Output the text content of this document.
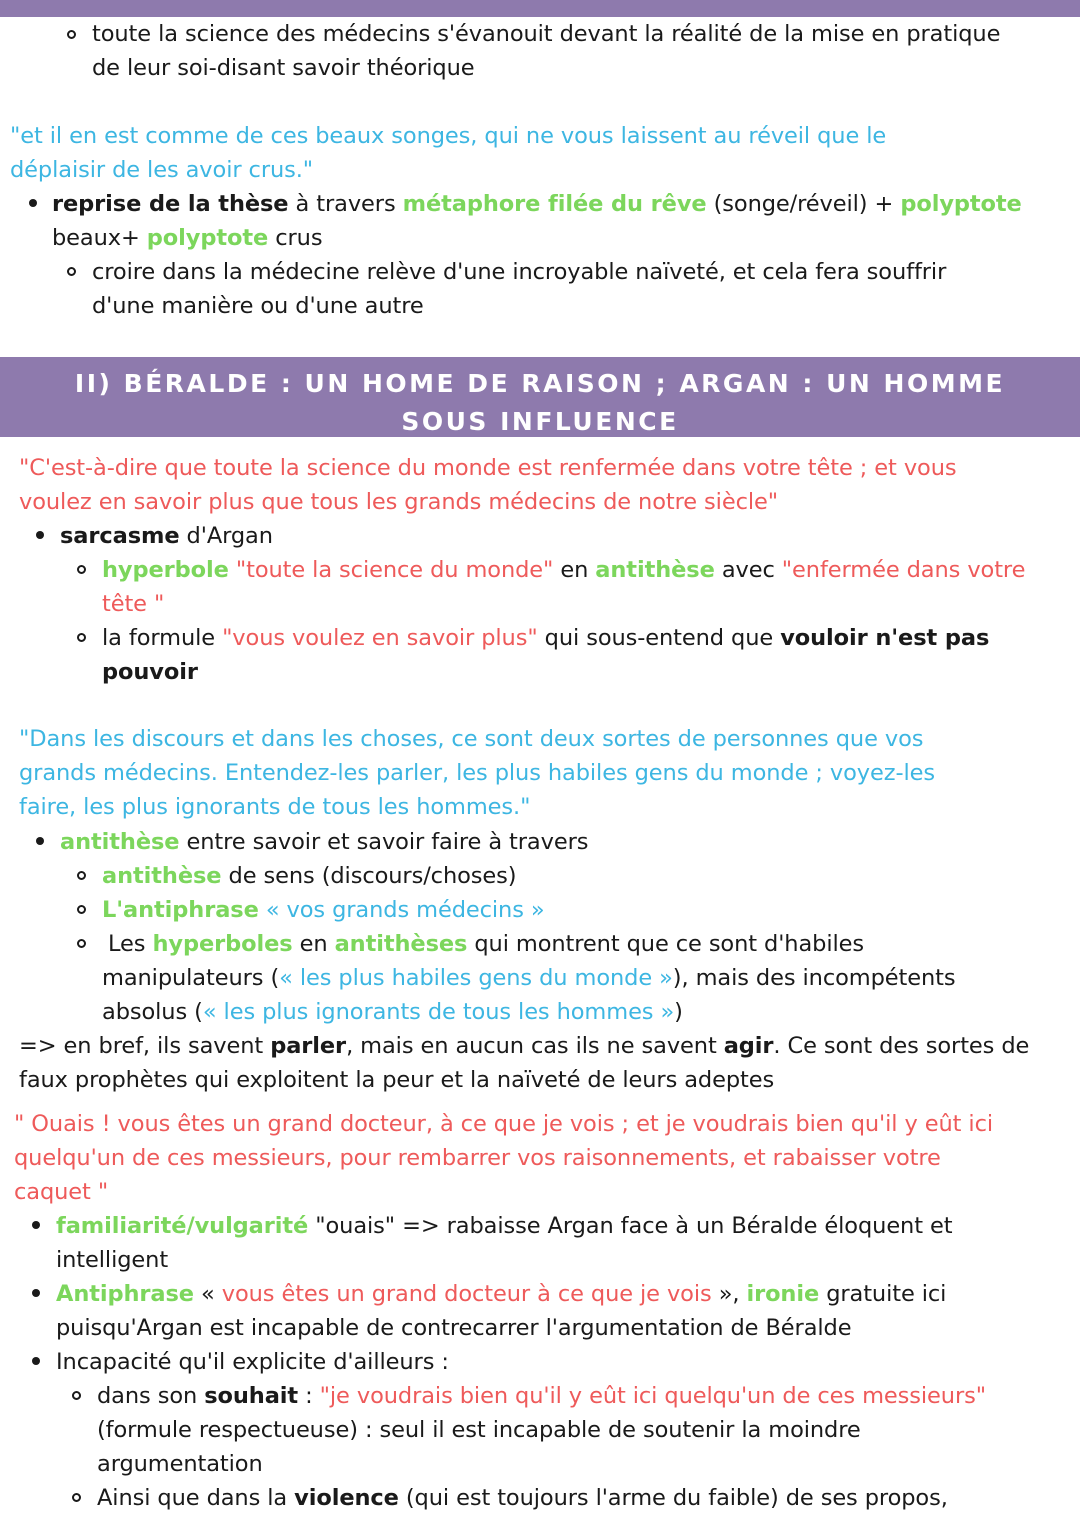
toute la science des médecins s'évanouit devant la réalité de la mise en pratique
de leur soi-disant savoir théorique
"et il en est comme de ces beaux songes, qui ne vous laissent au réveil que le
déplaisir de les avoir crus."
reprise de la thèse à travers métaphore filée du rêve (songe/réveil) + polyptote
beaux+ polyptote crus
croire dans la médecine relève d'une incroyable naïveté, et cela fera souffrir
d'une manière ou d'une autre
II) BÉRALDE : UN HOME DE RAISON ; ARGAN : UN HOMME
SOUS INFLUENCE
"C'est-à-dire que toute la science du monde est renfermée dans votre tête ; et vous
voulez en savoir plus que tous les grands médecins de notre siècle"
sarcasme d'Argan
hyperbole "toute la science du monde" en antithèse avec "enfermée dans votre
tête "
la formule "vous voulez en savoir plus" qui sous-entend que vouloir n'est pas
pouvoir
"Dans les discours et dans les choses, ce sont deux sortes de personnes que vos
grands médecins. Entendez-les parler, les plus habiles gens du monde ; voyez-les
faire, les plus ignorants de tous les hommes."
antithèse entre savoir et savoir faire à travers
antithèse de sens (discours/choses)
L'antiphrase « vos grands médecins »
Les hyperboles en antithèses qui montrent que ce sont d'habiles
manipulateurs (« les plus habiles gens du monde »), mais des incompétents
absolus (« les plus ignorants de tous les hommes »)
=> en bref, ils savent parler, mais en aucun cas ils ne savent agir. Ce sont des sortes de
faux prophètes qui exploitent la peur et la naïveté de leurs adeptes
" Ouais ! vous êtes un grand docteur, à ce que je vois ; et je voudrais bien qu'il y eût ici
quelqu'un de ces messieurs, pour rembarrer vos raisonnements, et rabaisser votre
caquet "
familiarité/vulgarité "ouais" => rabaisse Argan face à un Béralde éloquent et
intelligent
Antiphrase « vous êtes un grand docteur à ce que je vois », ironie gratuite ici
puisqu'Argan est incapable de contrecarrer l'argumentation de Béralde
Incapacité qu'il explicite d'ailleurs :
dans son souhait : "je voudrais bien qu'il y eût ici quelqu'un de ces messieurs"
(formule respectueuse) : seul il est incapable de soutenir la moindre
argumentation
Ainsi que dans la violence (qui est toujours l'arme du faible) de ses propos,
